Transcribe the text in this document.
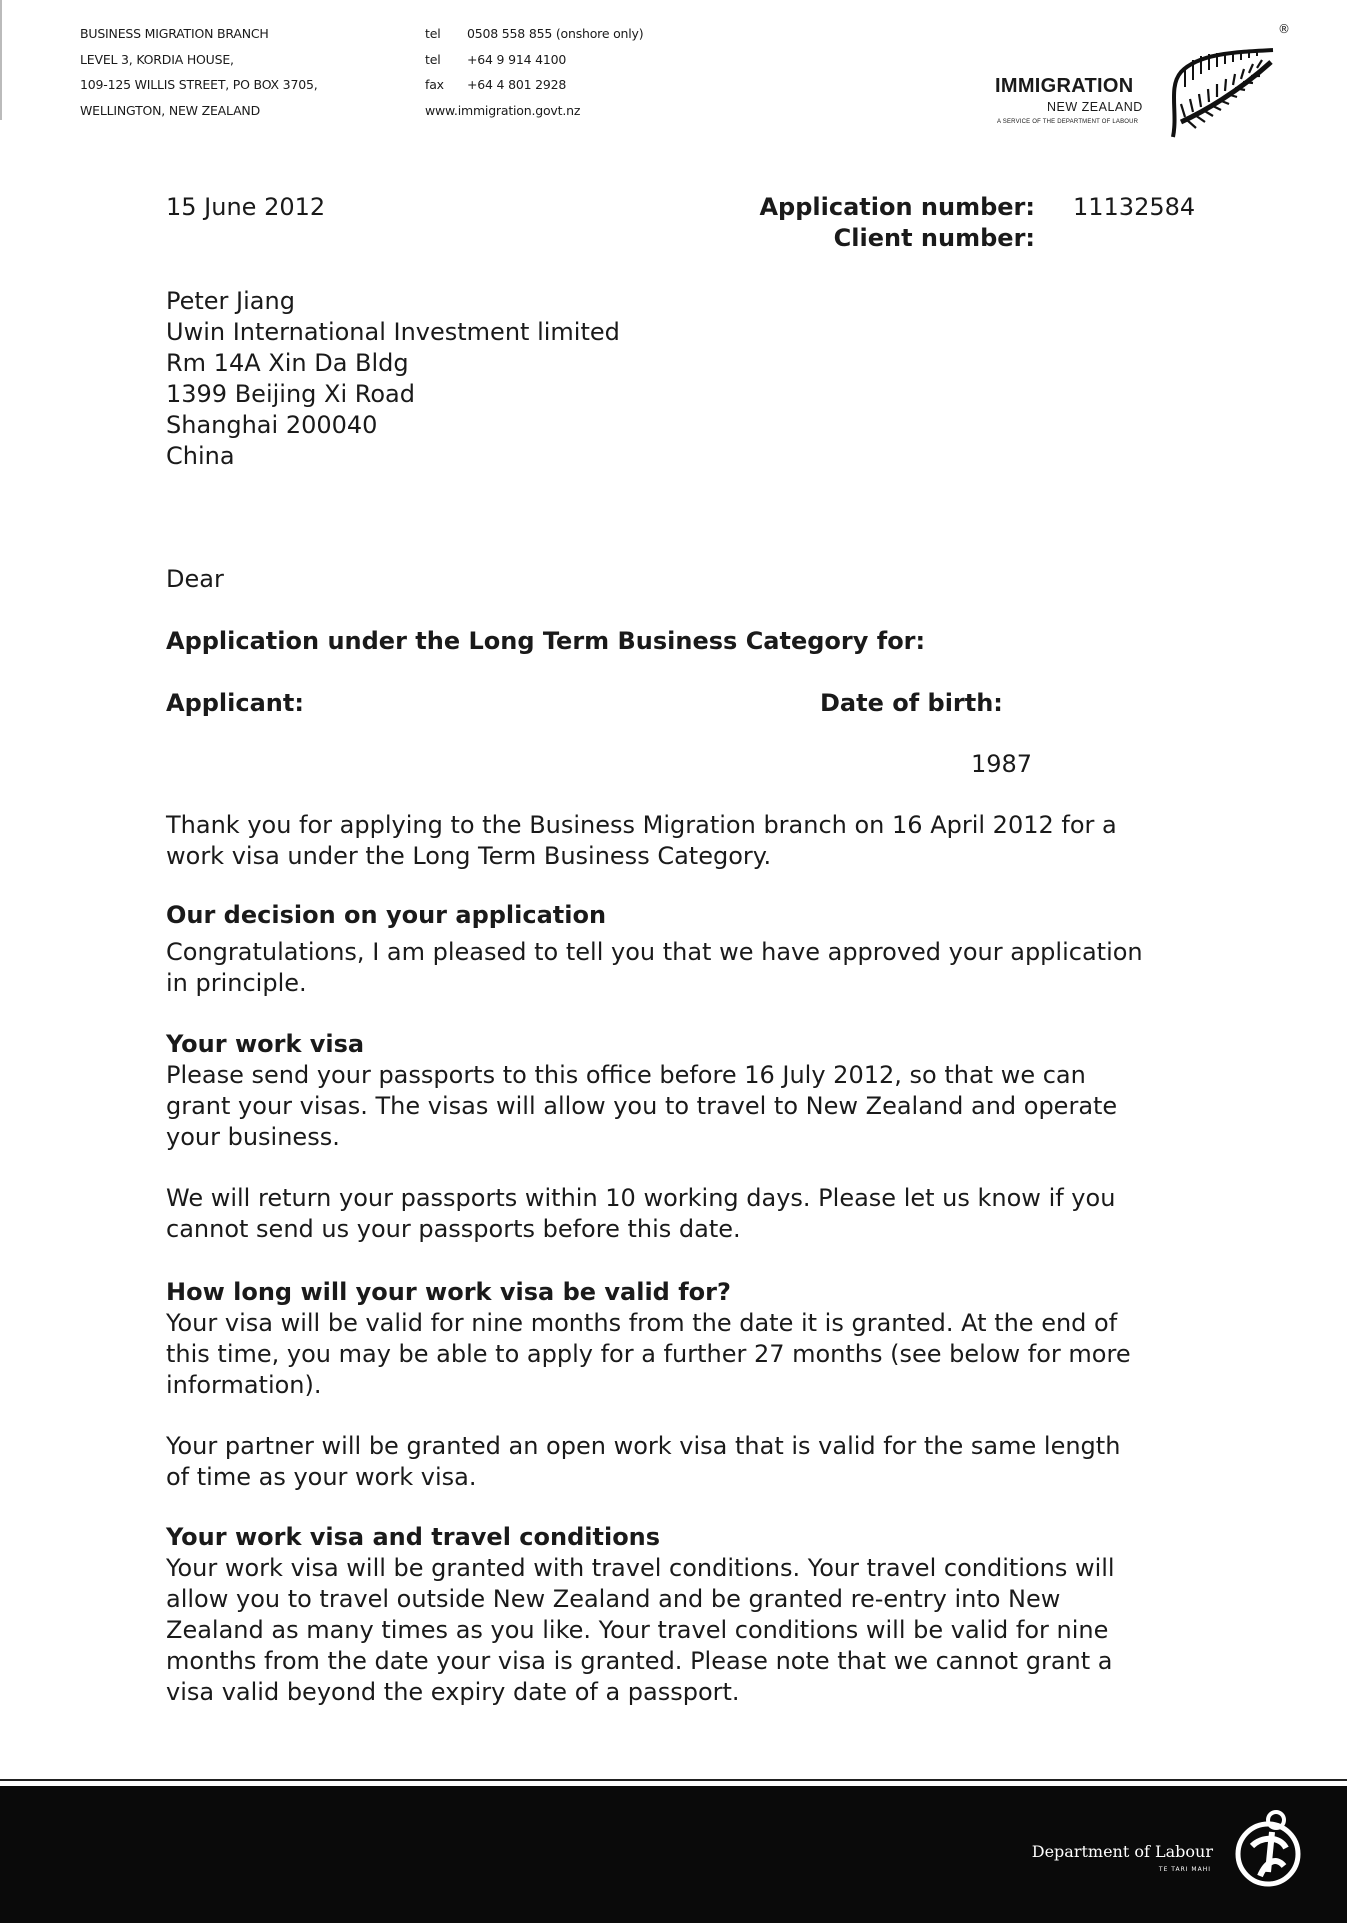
BUSINESS MIGRATION BRANCH
LEVEL 3, KORDIA HOUSE,
109-125 WILLIS STREET, PO BOX 3705,
WELLINGTON, NEW ZEALAND
tel 0508 558 855 (onshore only)
tel +64 9 914 4100
fax +64 4 801 2928
www.immigration.govt.nz
IMMIGRATION
NEW ZEALAND
A SERVICE OF THE DEPARTMENT OF LABOUR
®
15 June 2012	Application number: 11132584
Client number:
Peter Jiang
Uwin International Investment limited
Rm 14A Xin Da Bldg
1399 Beijing Xi Road
Shanghai 200040
China
Dear
Application under the Long Term Business Category for:
Applicant:	Date of birth:
1987
Thank you for applying to the Business Migration branch on 16 April 2012 for a
work visa under the Long Term Business Category.
Our decision on your application
Congratulations, I am pleased to tell you that we have approved your application
in principle.
Your work visa
Please send your passports to this office before 16 July 2012, so that we can
grant your visas. The visas will allow you to travel to New Zealand and operate
your business.
We will return your passports within 10 working days. Please let us know if you
cannot send us your passports before this date.
How long will your work visa be valid for?
Your visa will be valid for nine months from the date it is granted. At the end of
this time, you may be able to apply for a further 27 months (see below for more
information).
Your partner will be granted an open work visa that is valid for the same length
of time as your work visa.
Your work visa and travel conditions
Your work visa will be granted with travel conditions. Your travel conditions will
allow you to travel outside New Zealand and be granted re-entry into New
Zealand as many times as you like. Your travel conditions will be valid for nine
months from the date your visa is granted. Please note that we cannot grant a
visa valid beyond the expiry date of a passport.
Department of Labour
TE TARI MAHI
